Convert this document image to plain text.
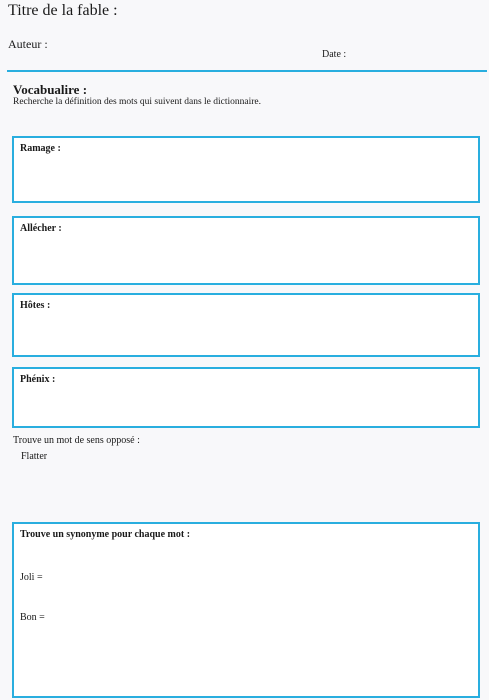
Titre de la fable :
Auteur :
Date :
Vocabualire :
Recherche la définition des mots qui suivent dans le dictionnaire.
Ramage :
Allécher :
Hôtes :
Phénix :
Trouve un mot de sens opposé :
Flatter
Trouve un synonyme pour chaque mot :
Joli =
Bon =
